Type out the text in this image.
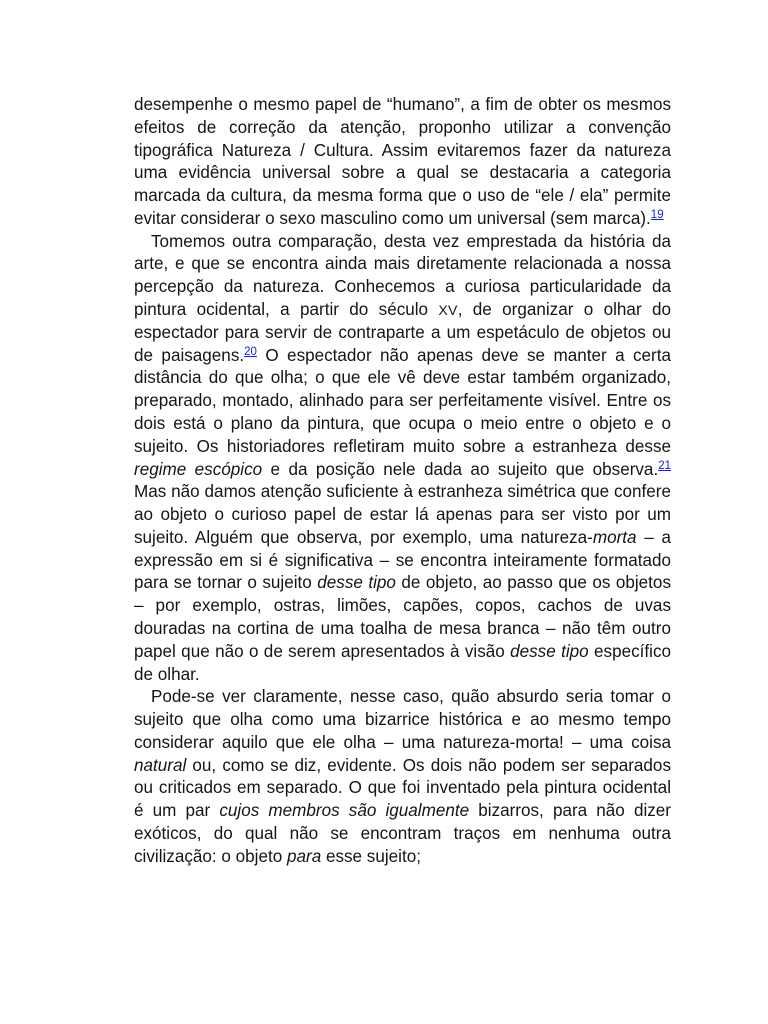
desempenhe o mesmo papel de “humano”, a fim de obter os mesmos efeitos de correção da atenção, proponho utilizar a convenção tipográfica Natureza / Cultura. Assim evitaremos fazer da natureza uma evidência universal sobre a qual se destacaria a categoria marcada da cultura, da mesma forma que o uso de “ele / ela” permite evitar considerar o sexo masculino como um universal (sem marca).$^{19}$

Tomemos outra comparação, desta vez emprestada da história da arte, e que se encontra ainda mais diretamente relacionada a nossa percepção da natureza. Conhecemos a curiosa particularidade da pintura ocidental, a partir do século XV, de organizar o olhar do espectador para servir de contraparte a um espetáculo de objetos ou de paisagens.$^{20}$ O espectador não apenas deve se manter a certa distância do que olha; o que ele vê deve estar também organizado, preparado, montado, alinhado para ser perfeitamente visível. Entre os dois está o plano da pintura, que ocupa o meio entre o objeto e o sujeito. Os historiadores refletiram muito sobre a estranheza desse regime escópico e da posição nele dada ao sujeito que observa.$^{21}$ Mas não damos atenção suficiente à estranheza simétrica que confere ao objeto o curioso papel de estar lá apenas para ser visto por um sujeito. Alguém que observa, por exemplo, uma natureza-morta – a expressão em si é significativa – se encontra inteiramente formatado para se tornar o sujeito desse tipo de objeto, ao passo que os objetos – por exemplo, ostras, limões, capões, copos, cachos de uvas douradas na cortina de uma toalha de mesa branca – não têm outro papel que não o de serem apresentados à visão desse tipo específico de olhar.

Pode-se ver claramente, nesse caso, quão absurdo seria tomar o sujeito que olha como uma bizarrice histórica e ao mesmo tempo considerar aquilo que ele olha – uma natureza-morta! – uma coisa natural ou, como se diz, evidente. Os dois não podem ser separados ou criticados em separado. O que foi inventado pela pintura ocidental é um par cujos membros são igualmente bizarros, para não dizer exóticos, do qual não se encontram traços em nenhuma outra civilização: o objeto para esse sujeito;
